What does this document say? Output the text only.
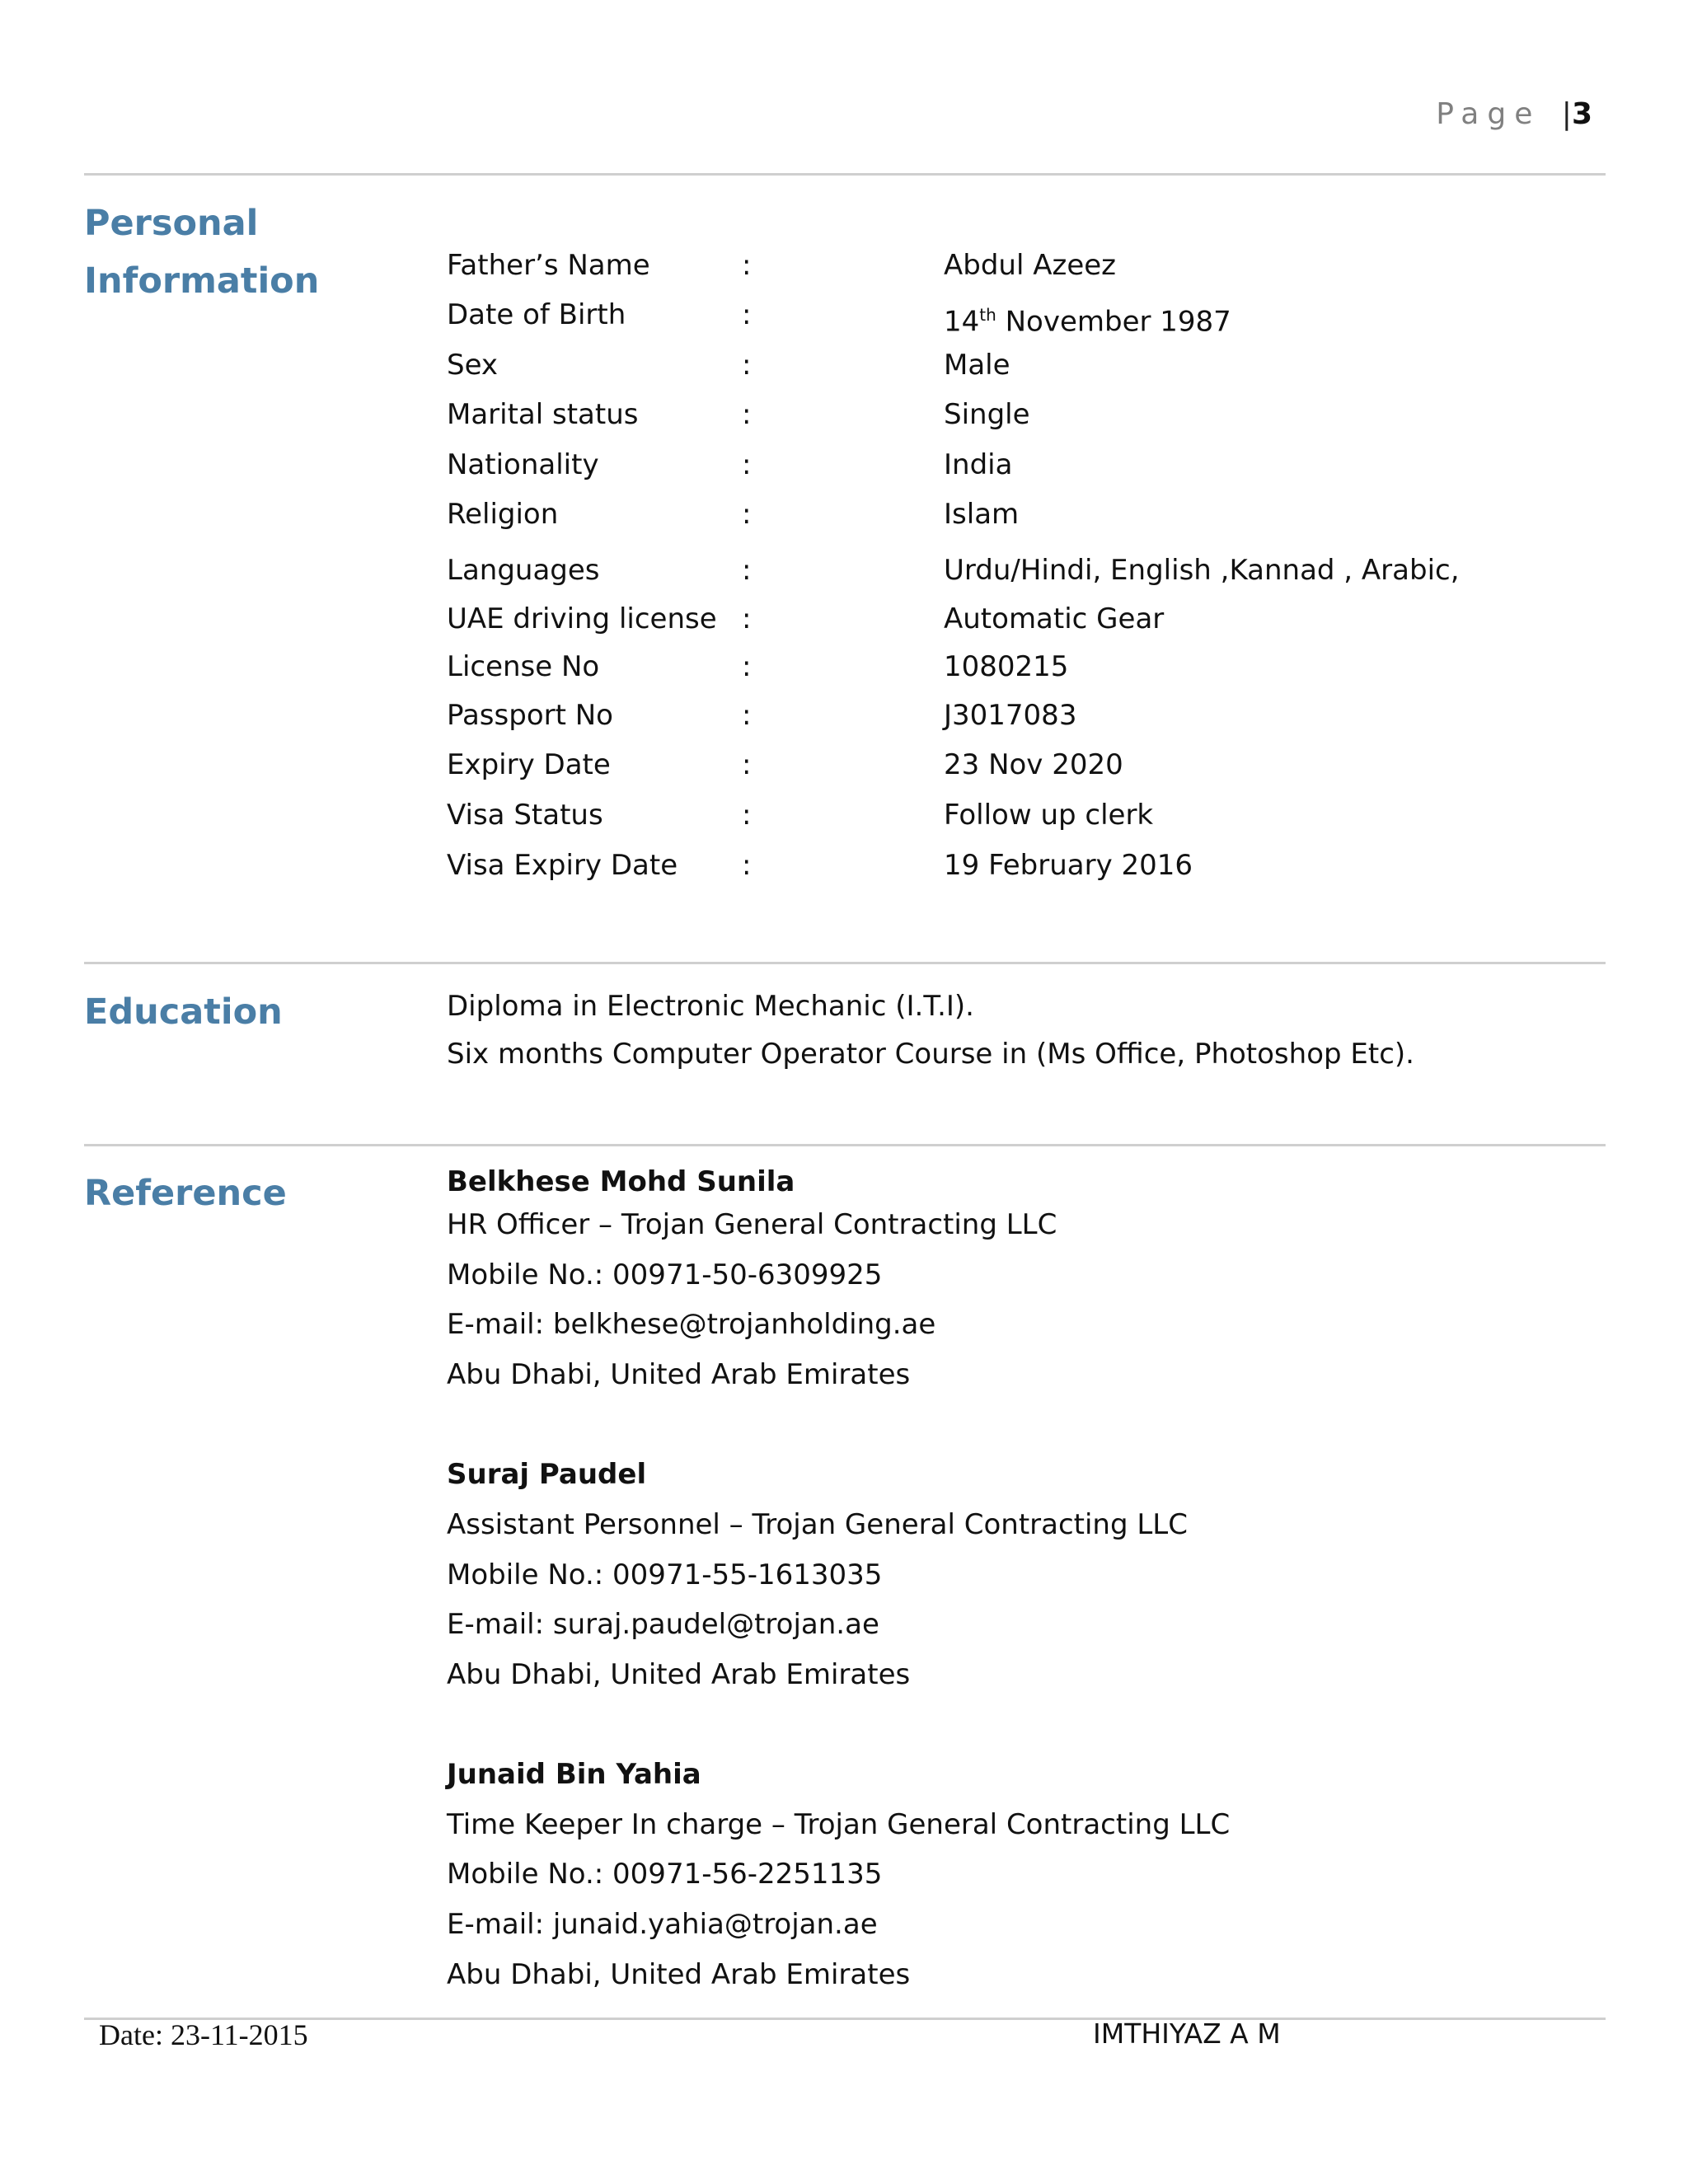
Page |3
Personal
Information	Father’s Name	:	Abdul Azeez
Date of Birth	:	14th November 1987
Sex	:	Male
Marital status	:	Single
Nationality	:	India
Religion	:	Islam
Languages	:	Urdu/Hindi, English ,Kannad , Arabic,
UAE driving license :	Automatic Gear
License No	:	1080215
Passport No	:	J3017083
Expiry Date	:	23 Nov 2020
Visa Status	:	Follow up clerk
Visa Expiry Date :	19 February 2016
Education	Diploma in Electronic Mechanic (I.T.I).
Six months Computer Operator Course in (Ms Office, Photoshop Etc).
Reference	Belkhese Mohd Sunila
HR Officer – Trojan General Contracting LLC
Mobile No.: 00971-50-6309925
E-mail: belkhese@trojanholding.ae
Abu Dhabi, United Arab Emirates
Suraj Paudel
Assistant Personnel – Trojan General Contracting LLC
Mobile No.: 00971-55-1613035
E-mail: suraj.paudel@trojan.ae
Abu Dhabi, United Arab Emirates
Junaid Bin Yahia
Time Keeper In charge – Trojan General Contracting LLC
Mobile No.: 00971-56-2251135
E-mail: junaid.yahia@trojan.ae
Abu Dhabi, United Arab Emirates
Date: 23-11-2015	IMTHIYAZ A M
